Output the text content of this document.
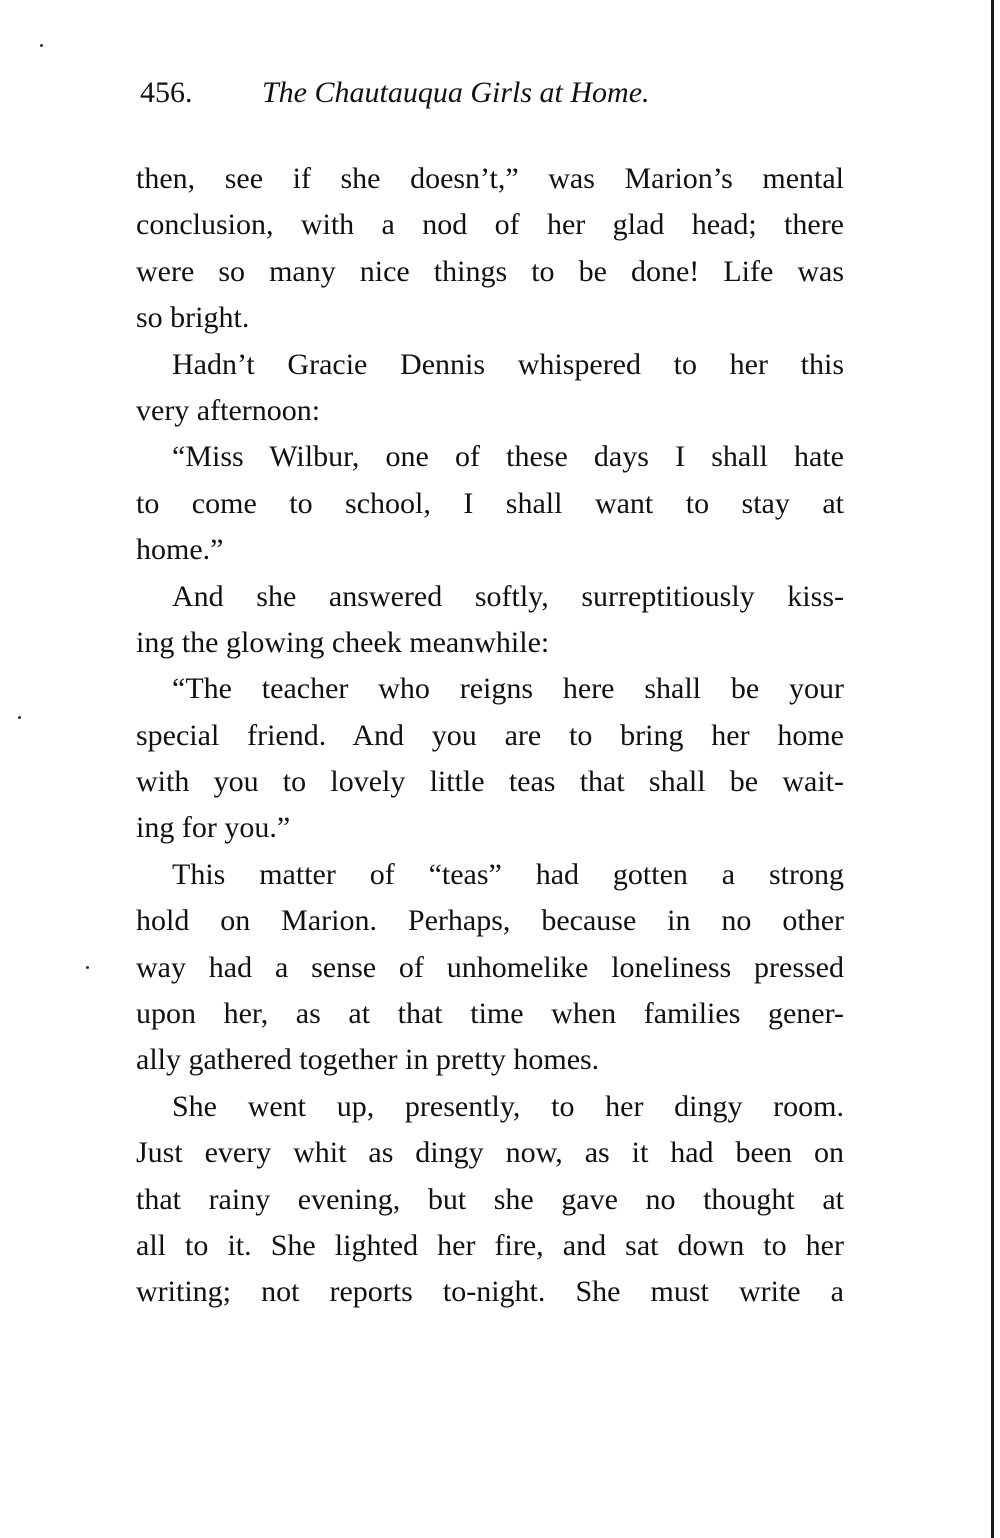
456. The Chautauqua Girls at Home.
then, see if she doesn’t,” was Marion’s mental
conclusion, with a nod of her glad head; there
were so many nice things to be done! Life was
so bright.
Hadn’t Gracie Dennis whispered to her this
very afternoon:
“Miss Wilbur, one of these days I shall hate
to come to school, I shall want to stay at
home.”
And she answered softly, surreptitiously kiss-
ing the glowing cheek meanwhile:
“The teacher who reigns here shall be your
special friend. And you are to bring her home
with you to lovely little teas that shall be wait-
ing for you.”
This matter of “teas” had gotten a strong
hold on Marion. Perhaps, because in no other
way had a sense of unhomelike loneliness pressed
upon her, as at that time when families gener-
ally gathered together in pretty homes.
She went up, presently, to her dingy room.
Just every whit as dingy now, as it had been on
that rainy evening, but she gave no thought at
all to it. She lighted her fire, and sat down to her
writing; not reports to-night. She must write a
